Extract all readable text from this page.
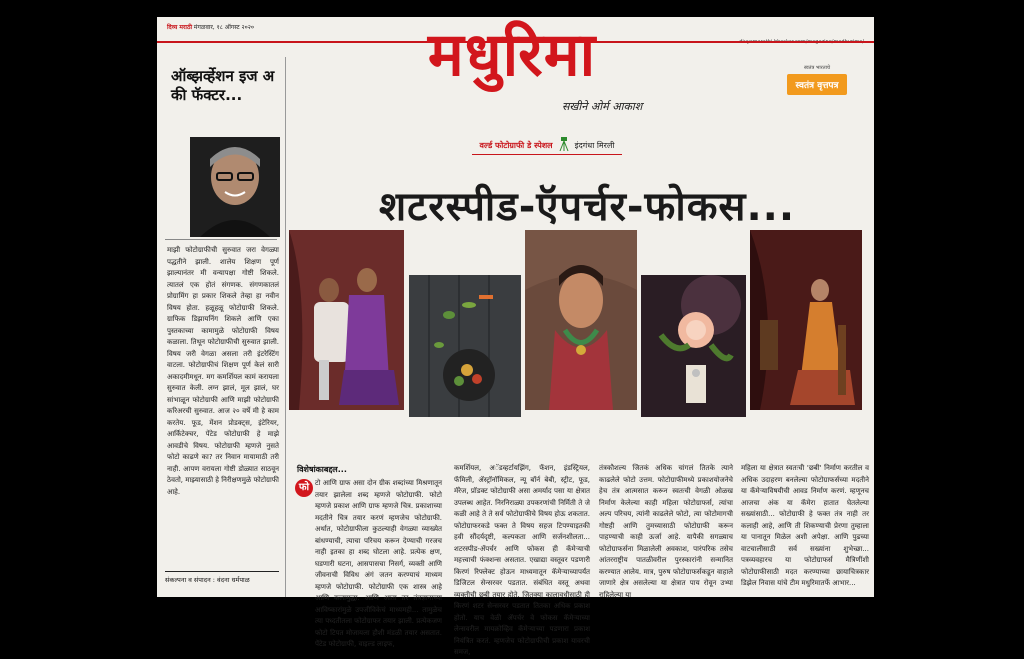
दिव्य मराठी मंगळवार, १८ ऑगस्ट २०२०	मधुरिमा
सखीने ओर्म आकाश
स्वतंत्र भारताचे
स्वतंत्र वृत्तपत्र
वर्ल्ड फोटोग्राफी डे स्पेशल	इंदगंधा मिरली
शटरस्पीड-ऍपर्चर-फोकस...
ऑब्झर्व्हेशन इज अ की फॅक्टर...
माझी फोटोग्राफीची सुरुवात जरा वेगळ्या पद्धतीने झाली. शालेय शिक्षण पूर्ण झाल्यानंतर मी वन्यापक्षा गोष्टी शिकले. त्यातलं एक होतं संगणक. संगणकातलं प्रोग्रामिंग हा प्रकार शिकले तेव्हा हा नवीन विषय होता. हळूहळू फोटोग्राफी शिकले. ग्राफिक डिझायनिंग शिकले आणि एका पुस्तकाच्या कामामुळे फोटोग्राफी विषय कळाला. तिथून फोटोग्राफीची सुरुवात झाली. विषय जरी वेगळा असला तरी इंटरेस्टिंग वाटला. फोटोग्राफीचं शिक्षण पूर्ण केलं सारी अकादमीमधून. मग कमर्शियल कामं करायला सुरुवात केली. लग्न झालं, मूल झालं, घर सांभाळून फोटोग्राफी आणि माझी फोटोग्राफी करिअरची सुरुवात. आज २० वर्षे मी हे काम करतेय. फूड, मेंशन प्रोडक्ट्स, इंटेरियर, आर्किटेक्चर, पेंटेड फोटोग्राफी हे माझे आवडीचे विषय. फोटोग्राफी म्हणजे नुसते फोटो काढणे का? तर निवान मायामाठी तरी नाही. आपण वरायला गोष्टी डोळ्यात साठवून ठेवतो, माझ्यासाठी हे निरीक्षणमुळे फोटोग्राफी आहे.
संकल्पना व संपादन : वंदना धर्मपाळ
विशेषांकाबद्दल...
फो टो आणि ग्राफ असा दोन ग्रीक शब्दांच्या मिश्रणातून तयार झालेला शब्द म्हणजे फोटोग्राफी. फोटो म्हणजे प्रकाश आणि ग्राफ म्हणजे चित्र. प्रकाशाच्या मदतीने चित्र तयार करणं म्हणजेच फोटोग्राफी. अर्थात, फोटोग्राफीला कुठल्याही वेगळ्या व्याख्येत बांधण्याची, त्याचा परिचय करून देण्याची गरजच नाही इतका हा शब्द घोटला आहे. प्रत्येक क्षण, घडणारी घटना, आसपासचा निसर्ग, व्यक्ती आणि जीवनाची विविध अंगं जतन करण्याचं माध्यम म्हणजे फोटोग्राफी. फोटोग्राफी एक शास्त्र आहे आणि कलामुद्धा. आणि आता तर तंत्रज्ञानाच्या आविष्कारांमुळे उपजीविकेचं माध्यमही... तामुळेच त्या पध्दतीतला फोटोग्राफर तयार झाली. प्रत्येकजण फोटो टिपत मोजायला हौशी मंडळी तयार असतात. पेंटेड फोटोग्राफी, वाइल्ड लाइफ,
कमर्शियल, अॅडव्हर्टायझिंग, फॅशन, इंडस्ट्रियल, फॅमिली, ॲस्ट्रॉनॉमिकल, न्यू बॉर्न बेबी, स्ट्रीट, फूड, मॅरेज, प्रॉडक्ट फोटोग्राफी असा अमर्याद पसा या क्षेत्रात उपलब्ध आहेत. निरनिराळ्या उपकरणांची निर्मिती ते जे कळी आहे ते ते सर्व फोटोग्राफीचे विषय होऊ शकतात. फोटोग्राफरकडे फक्त ते विषय सहज टिपण्याइतकी हवी सौंदर्यदृष्टी, कल्पकता आणि सर्जनशीलता... शटरस्पीड-ॲपर्चर आणि फोकस ही कॅमेऱ्याची महत्त्वाची फंक्शन्स असतात. एखाद्या वस्तूवर पडणारी किरणं रिफ्लेक्ट होऊन माध्यमातून कॅमेऱ्याच्यापर्यंत डिजिटल सेन्सरवर पडतात. संबंधित वस्तू अथवा व्यक्तीची छबी तयार होते. जितक्या कालावधीसाठी ही किरणं शटर सेन्सरवर पडतात तितका अधिक प्रकाश होतो. याच वेळी ॲपर्चर वे फोकस कॅमेऱ्याच्या लेन्सवरील मायक्रोव्हिव कॅमेऱ्याच्या पडणारा प्रकाश नियंत्रित करतं. म्हणजेच फोटोग्राफीची प्रकाश यावरची समज,
तंत्रकौशल्य जितकं अधिक चांगलं तितके त्याने काढलेले फोटो उत्तम. फोटोग्राफीमध्ये प्रकाशयोजनेचे हेच तंत्र आत्मसात करून स्वतःची वेगळी ओळख निर्माण केलेल्या काही महिला फोटोग्राफर्स, त्यांचा अल्प परिचय, त्यांनी काढलेले फोटो, त्या फोटोमागची गोष्टही आणि तुमच्यासाठी फोटोग्राफी करून पाहण्याची काही ऊर्जा आहे. यापैकी सगळ्याच फोटोग्राफर्सना मिळालेली अवकाश, पारंपरिक तसेच आंतरराष्ट्रीय पातळीवरील पुरस्कारांनी सन्मानित करण्यात आलेय. मात्र, पुरुष फोटोग्राफर्सकडून वाहाले जाणारे क्षेत्र असलेल्या या क्षेत्रात पाय रोवून उभ्या राहिलेल्या या
महिला या क्षेत्रात स्वतःची 'छबी' निर्माण करतील व अधिक उदाहरण बनलेल्या फोटोग्राफर्सच्या मदतीने या कॅमेऱ्याविषयीची आवड निर्माण करणं. म्हणूनच आजचा अंक या कॅमेरा हातात घेतलेल्या सख्यांसाठी... फोटोग्राफी हे फक्त तंत्र नाही तर कलाही आहे, आणि ती शिकण्याची प्रेरणा तुम्हाला या पानातून मिळेल अशी अपेक्षा. आणि पुढच्या वाटचालीसाठी सर्व सख्यांना शुभेच्छा... पत्रव्यवहारच या फोटोग्राफर्स मैत्रिणींशी फोटोग्राफीसाठी मदत करण्याच्या छायाचित्रकार डिझेल निवास यांचे टीम मधुरिमातर्फे आभार...
